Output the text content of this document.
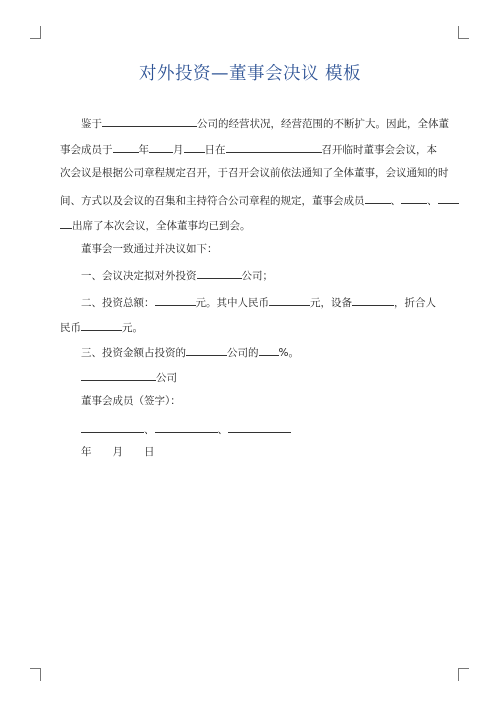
对外投资—董事会决议 模板
鉴于	公司的经营状况，经营范围的不断扩大。因此，全体董
事会成员于 年 月 日在	召开临时董事会会议，本
次会议是根据公司章程规定召开，于召开会议前依法通知了全体董事，会议通知的时
间、方式以及会议的召集和主持符合公司章程的规定，董事会成员 、 、
出席了本次会议，全体董事均已到会。
董事会一致通过并决议如下：
一、会议决定拟对外投资	公司；
二、投资总额：	元。其中人民币	元，设备	，折合人
民币	元。
三、投资金额占投资的	公司的 %。
公司
董事会成员（签字）：
、	、
年 月 日
